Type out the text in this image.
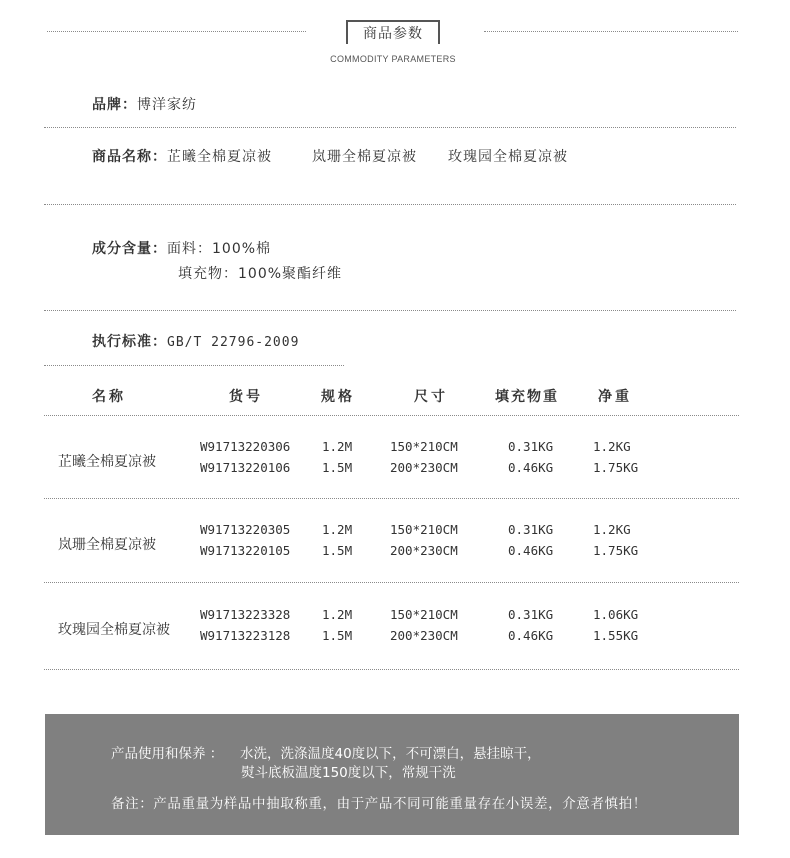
商品参数
COMMODITY PARAMETERS
品牌：博洋家纺
商品名称：芷曦全棉夏凉被	岚珊全棉夏凉被 玫瑰园全棉夏凉被
成分含量：面料：100%棉
填充物：100%聚酯纤维
执行标准：GB/T 22796-2009
名称	货号	规格	尺寸	填充物重	净重
芷曦全棉夏凉被
W91713220306	1.2M	150*210CM	0.31KG	1.2KG
W91713220106	1.5M	200*230CM	0.46KG	1.75KG
岚珊全棉夏凉被
W91713220305	1.2M	150*210CM	0.31KG	1.2KG
W91713220105	1.5M	200*230CM	0.46KG	1.75KG
玫瑰园全棉夏凉被
W91713223328	1.2M	150*210CM	0.31KG	1.06KG
W91713223128	1.5M	200*230CM	0.46KG	1.55KG
产品使用和保养 ： 水洗，洗涤温度40度以下，不可漂白，悬挂晾干，
熨斗底板温度150度以下，常规干洗
备注：产品重量为样品中抽取称重，由于产品不同可能重量存在小误差，介意者慎拍！
